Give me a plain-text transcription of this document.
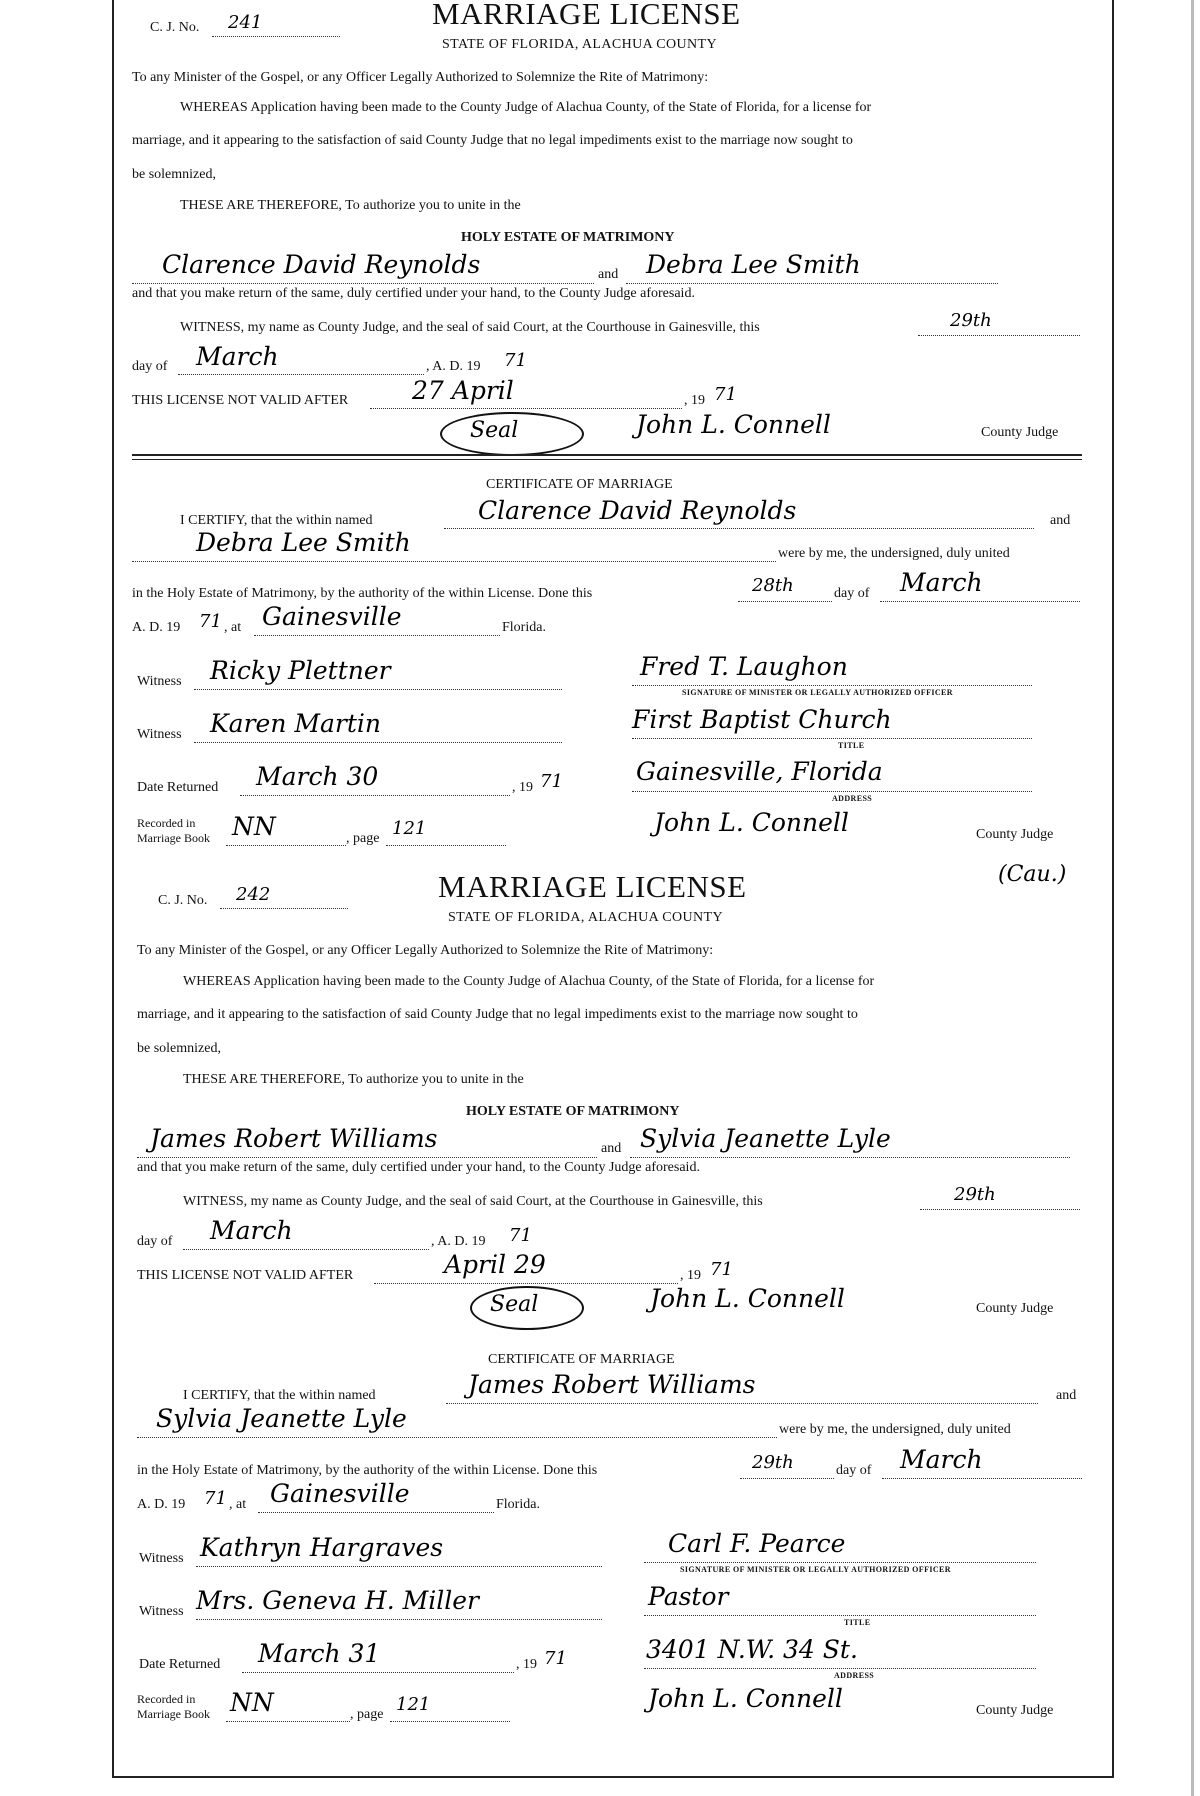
C. J. No. 241	MARRIAGE LICENSE
STATE OF FLORIDA, ALACHUA COUNTY
To any Minister of the Gospel, or any Officer Legally Authorized to Solemnize the Rite of Matrimony:
WHEREAS Application having been made to the County Judge of Alachua County, of the State of Florida, for a license for
marriage, and it appearing to the satisfaction of said County Judge that no legal impediments exist to the marriage now sought to
be solemnized,
THESE ARE THEREFORE, To authorize you to unite in the
HOLY ESTATE OF MATRIMONY
Clarence David Reynolds	and Debra Lee Smith
and that you make return of the same, duly certified under your hand, to the County Judge aforesaid.
WITNESS, my name as County Judge, and the seal of said Court, at the Courthouse in Gainesville, this	29th
day of March	, A. D. 19 71
THIS LICENSE NOT VALID AFTER	27 April	, 19 71
Seal	John L. Connell	County Judge
CERTIFICATE OF MARRIAGE
I CERTIFY, that the within named	Clarence David Reynolds	and
Debra Lee Smith	were by me, the undersigned, duly united
in the Holy Estate of Matrimony, by the authority of the within License. Done this	28th	day of March
A. D. 19 71 , at Gainesville	Florida.
Witness Ricky Plettner	Fred T. Laughon
SIGNATURE OF MINISTER OR LEGALLY AUTHORIZED OFFICER
Witness Karen Martin	First Baptist Church
TITLE
Date Returned March 30	, 19 71	Gainesville, Florida
ADDRESS
Recorded in
Marriage Book NN	, page 121	John L. Connell	County Judge
C. J. No. 242	MARRIAGE LICENSE
STATE OF FLORIDA, ALACHUA COUNTY
(Cau.)
To any Minister of the Gospel, or any Officer Legally Authorized to Solemnize the Rite of Matrimony:
WHEREAS Application having been made to the County Judge of Alachua County, of the State of Florida, for a license for
marriage, and it appearing to the satisfaction of said County Judge that no legal impediments exist to the marriage now sought to
be solemnized,
THESE ARE THEREFORE, To authorize you to unite in the
HOLY ESTATE OF MATRIMONY
James Robert Williams	and Sylvia Jeanette Lyle
and that you make return of the same, duly certified under your hand, to the County Judge aforesaid.
WITNESS, my name as County Judge, and the seal of said Court, at the Courthouse in Gainesville, this	29th
day of March	, A. D. 19 71
THIS LICENSE NOT VALID AFTER	April 29	, 19 71
Seal	John L. Connell	County Judge
CERTIFICATE OF MARRIAGE
I CERTIFY, that the within named	James Robert Williams	and
Sylvia Jeanette Lyle	were by me, the undersigned, duly united
in the Holy Estate of Matrimony, by the authority of the within License. Done this	29th	day of March
A. D. 19 71 , at Gainesville	Florida.
Witness Kathryn Hargraves	Carl F. Pearce
SIGNATURE OF MINISTER OR LEGALLY AUTHORIZED OFFICER
Witness Mrs. Geneva H. Miller	Pastor
TITLE
Date Returned March 31	, 19 71	3401 N.W. 34 St.
ADDRESS
Recorded in
Marriage Book NN	, page 121	John L. Connell	County Judge
